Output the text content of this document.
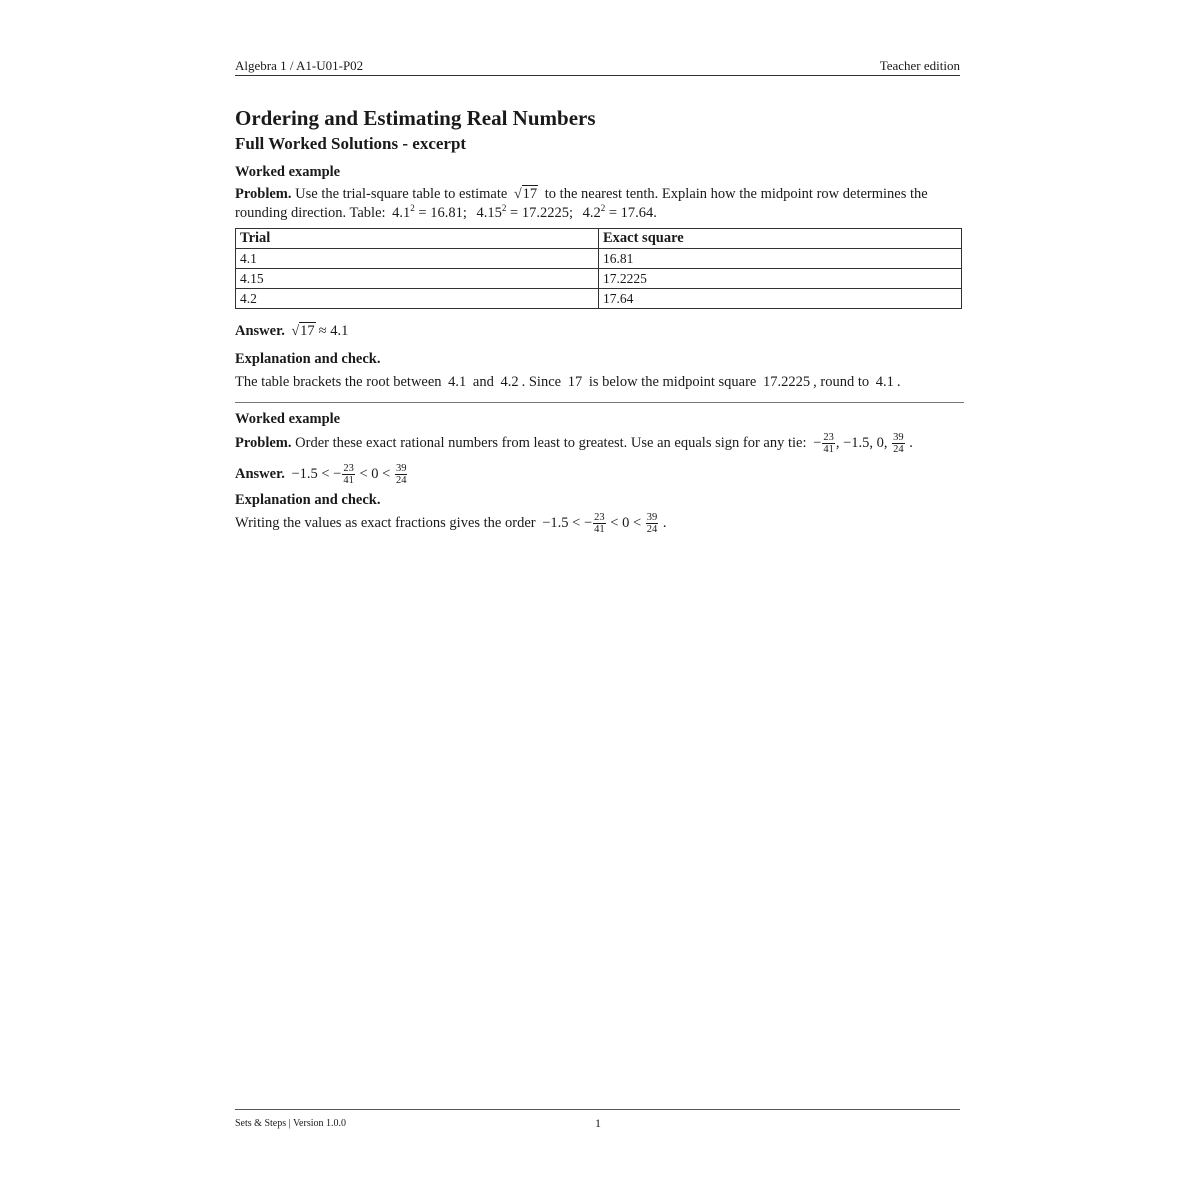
Algebra 1 / A1-U01-P02	Teacher edition
Ordering and Estimating Real Numbers
Full Worked Solutions - excerpt
Worked example

Problem. Use the trial-square table to estimate √17 to the nearest tenth. Explain how the midpoint row determines the rounding direction. Table: $4.1^2 = 16.81$; $4.15^2 = 17.2225$; $4.2^2 = 17.64$.

Trial	Exact square
4.1	16.81
4.15	17.2225
4.2	17.64

Answer. √17 ≈ 4.1

Explanation and check.

The table brackets the root between 4.1 and 4.2 . Since 17 is below the midpoint square 17.2225 , round to 4.1 .

Worked example

Problem. Order these exact rational numbers from least to greatest. Use an equals sign for any tie: − $\frac{23}{41}$ , −1.5, 0, $\frac{39}{24}$ .

Answer. −1.5 < − $\frac{23}{41} < 0 < \frac{39}{24}$

Explanation and check.

Writing the values as exact fractions gives the order −1.5 < − $\frac{23}{41} < 0 < \frac{39}{24}$ .

Sets & Steps | Version 1.0.0	1
